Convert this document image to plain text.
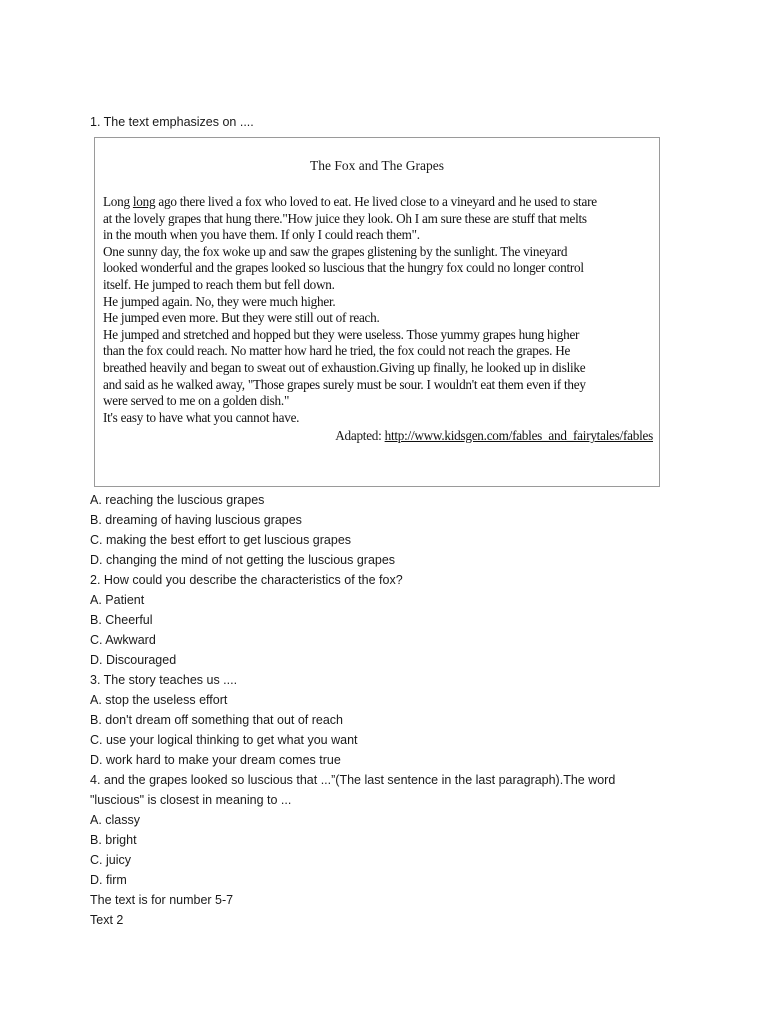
1. The text emphasizes on ....
The Fox and The Grapes
Long long ago there lived a fox who loved to eat. He lived close to a vineyard and he used to stare
at the lovely grapes that hung there."How juice they look. Oh I am sure these are stuff that melts
in the mouth when you have them. If only I could reach them".
One sunny day, the fox woke up and saw the grapes glistening by the sunlight. The vineyard
looked wonderful and the grapes looked so luscious that the hungry fox could no longer control
itself. He jumped to reach them but fell down.
He jumped again. No, they were much higher.
He jumped even more. But they were still out of reach.
He jumped and stretched and hopped but they were useless. Those yummy grapes hung higher
than the fox could reach. No matter how hard he tried, the fox could not reach the grapes. He
breathed heavily and began to sweat out of exhaustion.Giving up finally, he looked up in dislike
and said as he walked away, "Those grapes surely must be sour. I wouldn't eat them even if they
were served to me on a golden dish."
It's easy to have what you cannot have.
Adapted: http://www.kidsgen.com/fables_and_fairytales/fables
A. reaching the luscious grapes
B. dreaming of having luscious grapes
C. making the best effort to get luscious grapes
D. changing the mind of not getting the luscious grapes
2. How could you describe the characteristics of the fox?
A. Patient
B. Cheerful
C. Awkward
D. Discouraged
3. The story teaches us ....
A. stop the useless effort
B. don't dream off something that out of reach
C. use your logical thinking to get what you want
D. work hard to make your dream comes true
4. and the grapes looked so luscious that ...”(The last sentence in the last paragraph).The word
"luscious" is closest in meaning to ...
A. classy
B. bright
C. juicy
D. firm
The text is for number 5-7
Text 2
